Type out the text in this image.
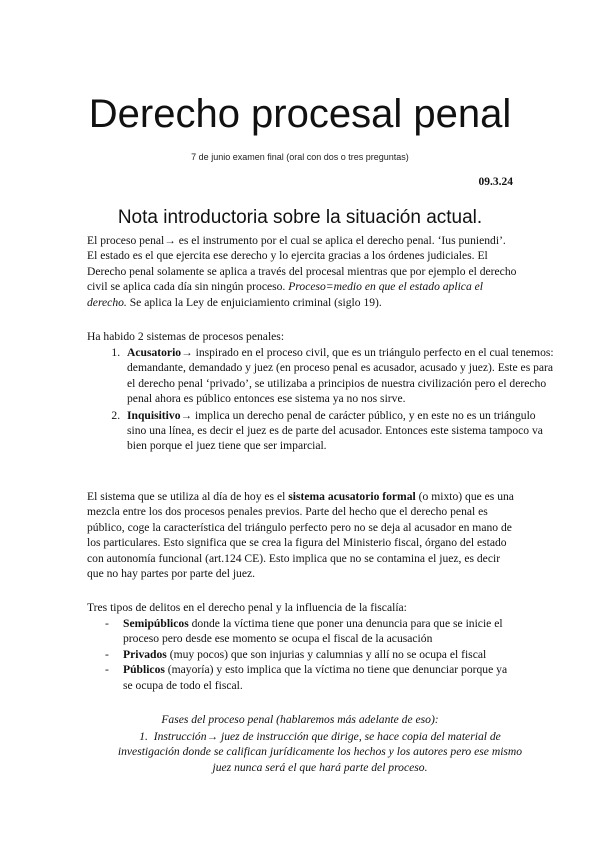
Derecho procesal penal
7 de junio examen final (oral con dos o tres preguntas)
09.3.24
Nota introductoria sobre la situación actual.

El proceso penal→ es el instrumento por el cual se aplica el derecho penal. ‘Ius puniendi’. El estado es el que ejercita ese derecho y lo ejercita gracias a los órdenes judiciales. El Derecho penal solamente se aplica a través del procesal mientras que por ejemplo el derecho civil se aplica cada día sin ningún proceso. Proceso=medio en que el estado aplica el derecho. Se aplica la Ley de enjuiciamiento criminal (siglo 19).

Ha habido 2 sistemas de procesos penales:

1. Acusatorio→ inspirado en el proceso civil, que es un triángulo perfecto en el cual tenemos: demandante, demandado y juez (en proceso penal es acusador, acusado y juez). Este es para el derecho penal ‘privado’, se utilizaba a principios de nuestra civilización pero el derecho penal ahora es público entonces ese sistema ya no nos sirve.
2. Inquisitivo→ implica un derecho penal de carácter público, y en este no es un triángulo sino una línea, es decir el juez es de parte del acusador. Entonces este sistema tampoco va bien porque el juez tiene que ser imparcial.

El sistema que se utiliza al día de hoy es el sistema acusatorio formal (o mixto) que es una mezcla entre los dos procesos penales previos. Parte del hecho que el derecho penal es público, coge la característica del triángulo perfecto pero no se deja al acusador en mano de los particulares. Esto significa que se crea la figura del Ministerio fiscal, órgano del estado con autonomía funcional (art.124 CE). Esto implica que no se contamina el juez, es decir que no hay partes por parte del juez.

Tres tipos de delitos en el derecho penal y la influencia de la fiscalía:

- Semipúblicos donde la víctima tiene que poner una denuncia para que se inicie el proceso pero desde ese momento se ocupa el fiscal de la acusación
- Privados (muy pocos) que son injurias y calumnias y allí no se ocupa el fiscal
- Públicos (mayoría) y esto implica que la víctima no tiene que denunciar porque ya se ocupa de todo el fiscal.
Fases del proceso penal (hablaremos más adelante de eso):
1. Instrucción→ juez de instrucción que dirige, se hace copia del material de investigación donde se califican jurídicamente los hechos y los autores pero ese mismo juez nunca será el que hará parte del proceso.
